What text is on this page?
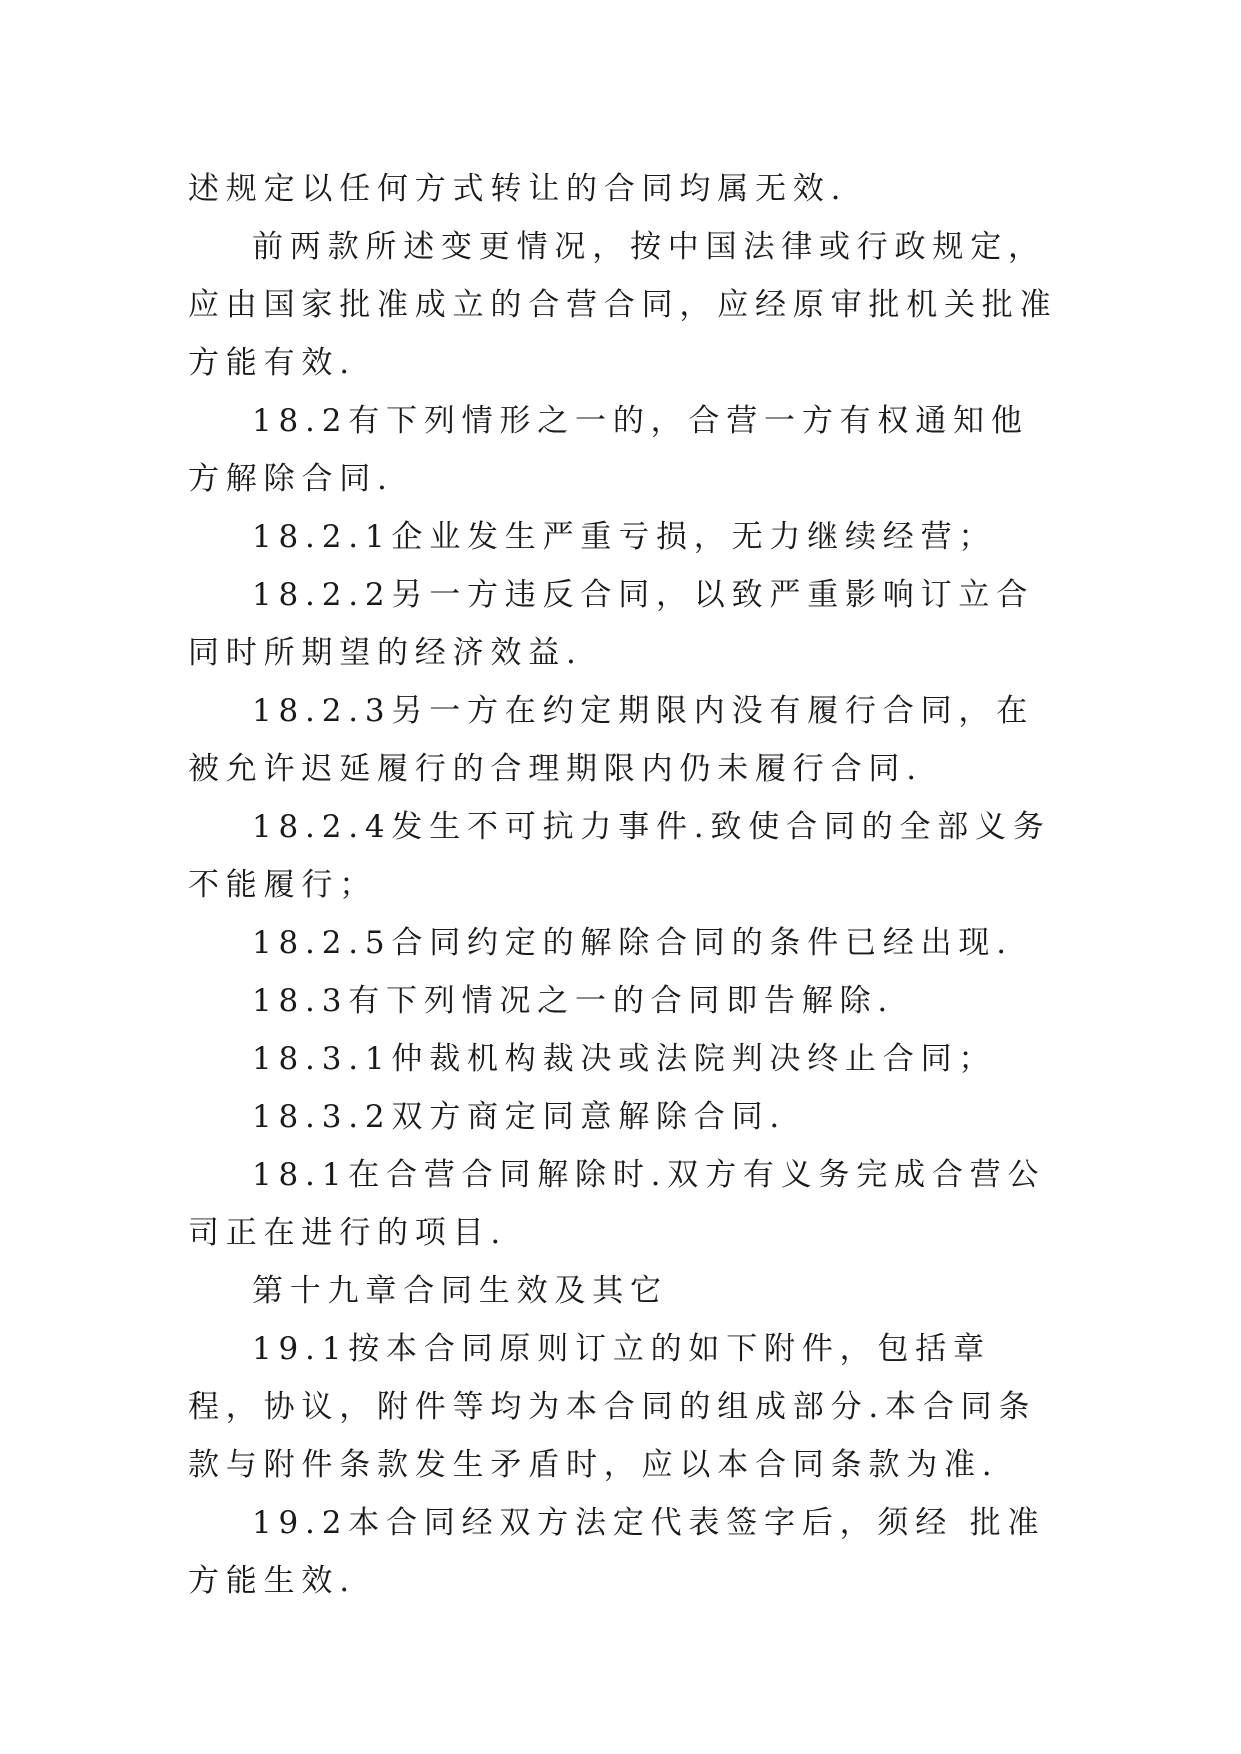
述规定以任何方式转让的合同均属无效.

前两款所述变更情况，按中国法律或行政规定，应由国家批准成立的合营合同，应经原审批机关批准方能有效.

18.2有下列情形之一的，合营一方有权通知他方解除合同.

18.2.1企业发生严重亏损，无力继续经营；

18.2.2另一方违反合同，以致严重影响订立合同时所期望的经济效益.

18.2.3另一方在约定期限内没有履行合同，在被允许迟延履行的合理期限内仍未履行合同.

18.2.4发生不可抗力事件.致使合同的全部义务不能履行；

18.2.5合同约定的解除合同的条件已经出现.

18.3有下列情况之一的合同即告解除.

18.3.1仲裁机构裁决或法院判决终止合同；

18.3.2双方商定同意解除合同.

18.1在合营合同解除时.双方有义务完成合营公司正在进行的项目.

第十九章合同生效及其它

19.1按本合同原则订立的如下附件，包括章程，协议，附件等均为本合同的组成部分.本合同条款与附件条款发生矛盾时，应以本合同条款为准.

19.2本合同经双方法定代表签字后，须经 批准方能生效.
